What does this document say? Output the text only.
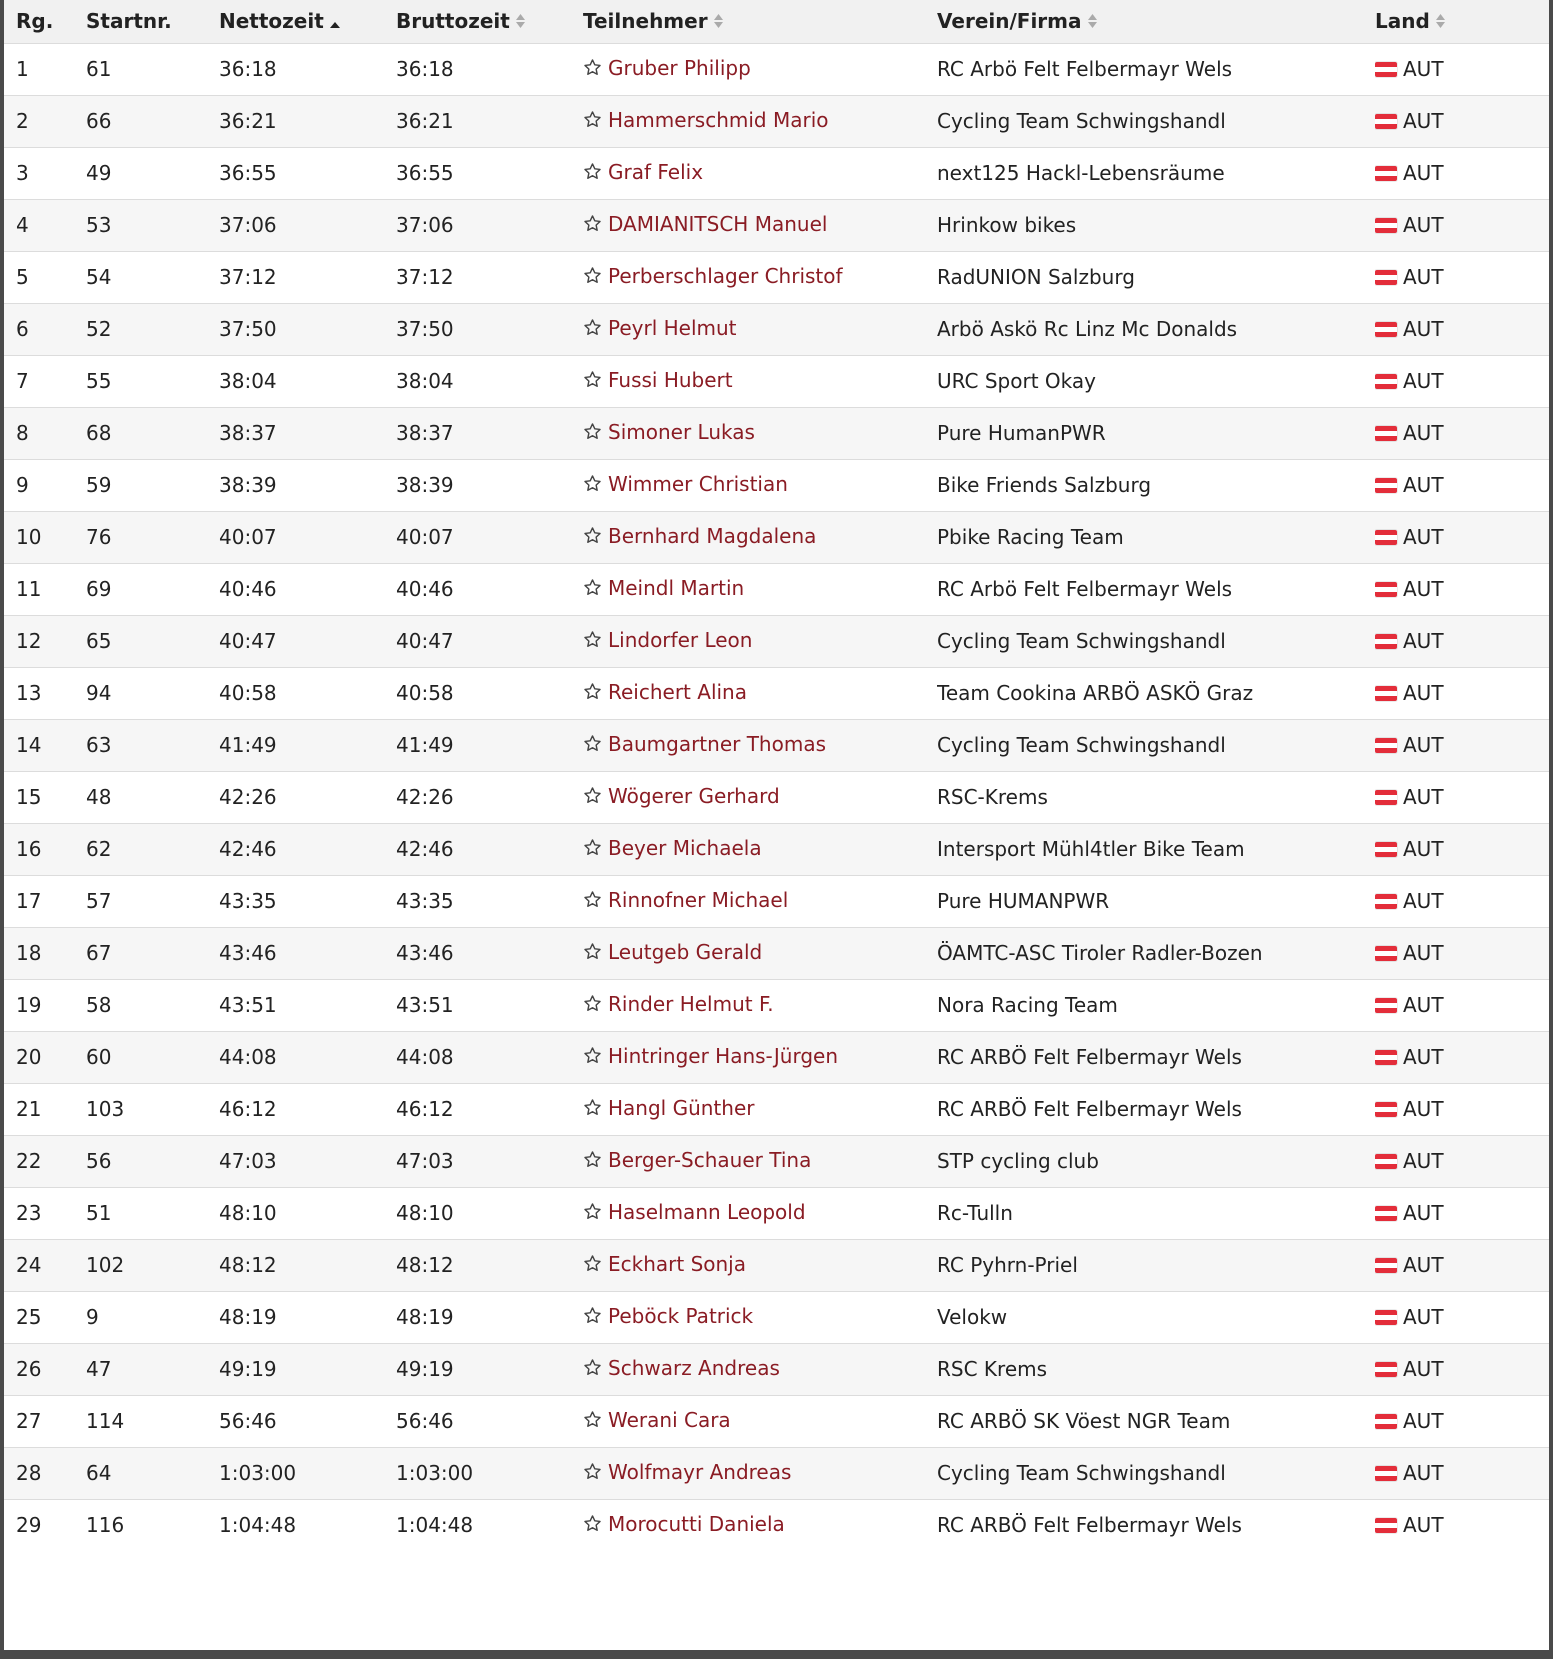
Rg.	Startnr.	Nettozeit	Bruttozeit	Teilnehmer	Verein/Firma	Land
1	61	36:18	36:18	Gruber Philipp	RC Arbö Felt Felbermayr Wels	AUT
2	66	36:21	36:21	Hammerschmid Mario	Cycling Team Schwingshandl	AUT
3	49	36:55	36:55	Graf Felix	next125 Hackl-Lebensräume	AUT
4	53	37:06	37:06	DAMIANITSCH Manuel	Hrinkow bikes	AUT
5	54	37:12	37:12	Perberschlager Christof	RadUNION Salzburg	AUT
6	52	37:50	37:50	Peyrl Helmut	Arbö Askö Rc Linz Mc Donalds	AUT
7	55	38:04	38:04	Fussi Hubert	URC Sport Okay	AUT
8	68	38:37	38:37	Simoner Lukas	Pure HumanPWR	AUT
9	59	38:39	38:39	Wimmer Christian	Bike Friends Salzburg	AUT
10	76	40:07	40:07	Bernhard Magdalena	Pbike Racing Team	AUT
11	69	40:46	40:46	Meindl Martin	RC Arbö Felt Felbermayr Wels	AUT
12	65	40:47	40:47	Lindorfer Leon	Cycling Team Schwingshandl	AUT
13	94	40:58	40:58	Reichert Alina	Team Cookina ARBÖ ASKÖ Graz	AUT
14	63	41:49	41:49	Baumgartner Thomas	Cycling Team Schwingshandl	AUT
15	48	42:26	42:26	Wögerer Gerhard	RSC-Krems	AUT
16	62	42:46	42:46	Beyer Michaela	Intersport Mühl4tler Bike Team	AUT
17	57	43:35	43:35	Rinnofner Michael	Pure HUMANPWR	AUT
18	67	43:46	43:46	Leutgeb Gerald	ÖAMTC-ASC Tiroler Radler-Bozen	AUT
19	58	43:51	43:51	Rinder Helmut F.	Nora Racing Team	AUT
20	60	44:08	44:08	Hintringer Hans-Jürgen	RC ARBÖ Felt Felbermayr Wels	AUT
21	103	46:12	46:12	Hangl Günther	RC ARBÖ Felt Felbermayr Wels	AUT
22	56	47:03	47:03	Berger-Schauer Tina	STP cycling club	AUT
23	51	48:10	48:10	Haselmann Leopold	Rc-Tulln	AUT
24	102	48:12	48:12	Eckhart Sonja	RC Pyhrn-Priel	AUT
25	9	48:19	48:19	Peböck Patrick	Velokw	AUT
26	47	49:19	49:19	Schwarz Andreas	RSC Krems	AUT
27	114	56:46	56:46	Werani Cara	RC ARBÖ SK Vöest NGR Team	AUT
28	64	1:03:00	1:03:00	Wolfmayr Andreas	Cycling Team Schwingshandl	AUT
29	116	1:04:48	1:04:48	Morocutti Daniela	RC ARBÖ Felt Felbermayr Wels	AUT
